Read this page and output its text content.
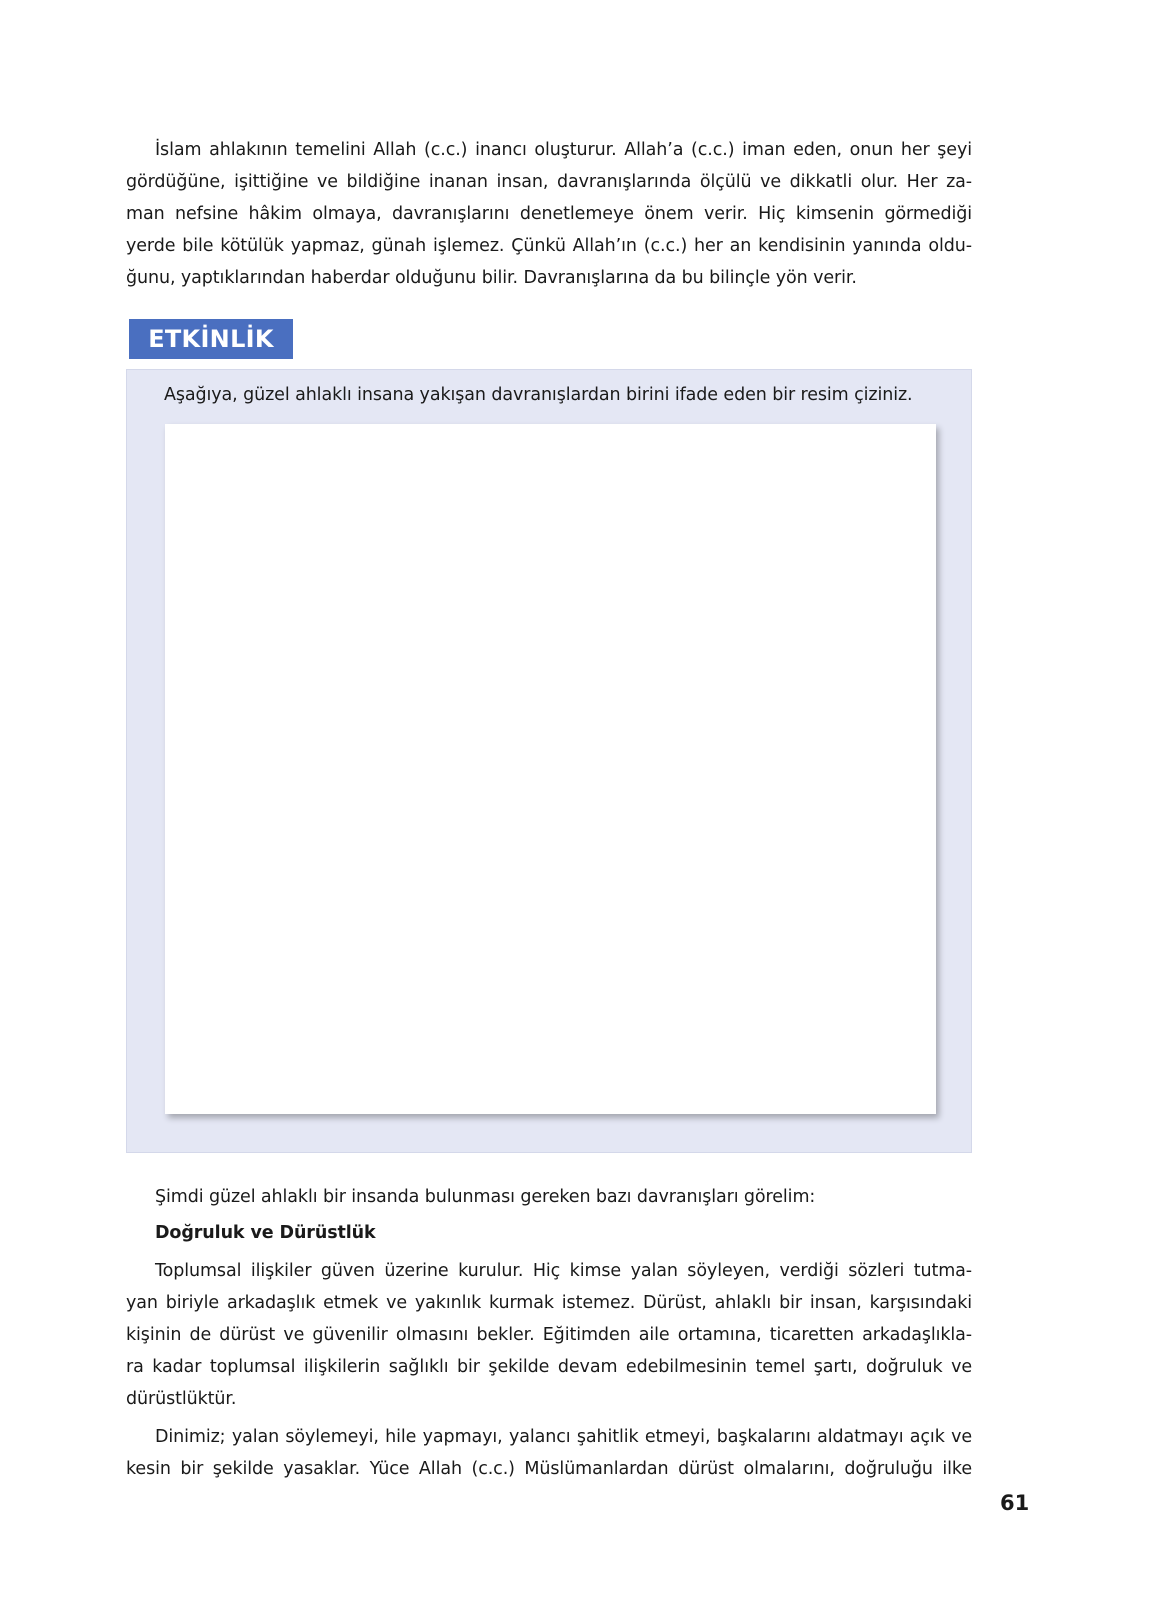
İslam ahlakının temelini Allah (c.c.) inancı oluşturur. Allah’a (c.c.) iman eden, onun her şeyi
gördüğüne, işittiğine ve bildiğine inanan insan, davranışlarında ölçülü ve dikkatli olur. Her za-
man nefsine hâkim olmaya, davranışlarını denetlemeye önem verir. Hiç kimsenin görmediği
yerde bile kötülük yapmaz, günah işlemez. Çünkü Allah’ın (c.c.) her an kendisinin yanında oldu-
ğunu, yaptıklarından haberdar olduğunu bilir. Davranışlarına da bu bilinçle yön verir.

ETKİNLİK
Aşağıya, güzel ahlaklı insana yakışan davranışlardan birini ifade eden bir resim çiziniz.
Şimdi güzel ahlaklı bir insanda bulunması gereken bazı davranışları görelim:
Doğruluk ve Dürüstlük

Toplumsal ilişkiler güven üzerine kurulur. Hiç kimse yalan söyleyen, verdiği sözleri tutma-
yan biriyle arkadaşlık etmek ve yakınlık kurmak istemez. Dürüst, ahlaklı bir insan, karşısındaki
kişinin de dürüst ve güvenilir olmasını bekler. Eğitimden aile ortamına, ticaretten arkadaşlıkla-
ra kadar toplumsal ilişkilerin sağlıklı bir şekilde devam edebilmesinin temel şartı, doğruluk ve
dürüstlüktür.

Dinimiz; yalan söylemeyi, hile yapmayı, yalancı şahitlik etmeyi, başkalarını aldatmayı açık ve
kesin bir şekilde yasaklar. Yüce Allah (c.c.) Müslümanlardan dürüst olmalarını, doğruluğu ilke

61
